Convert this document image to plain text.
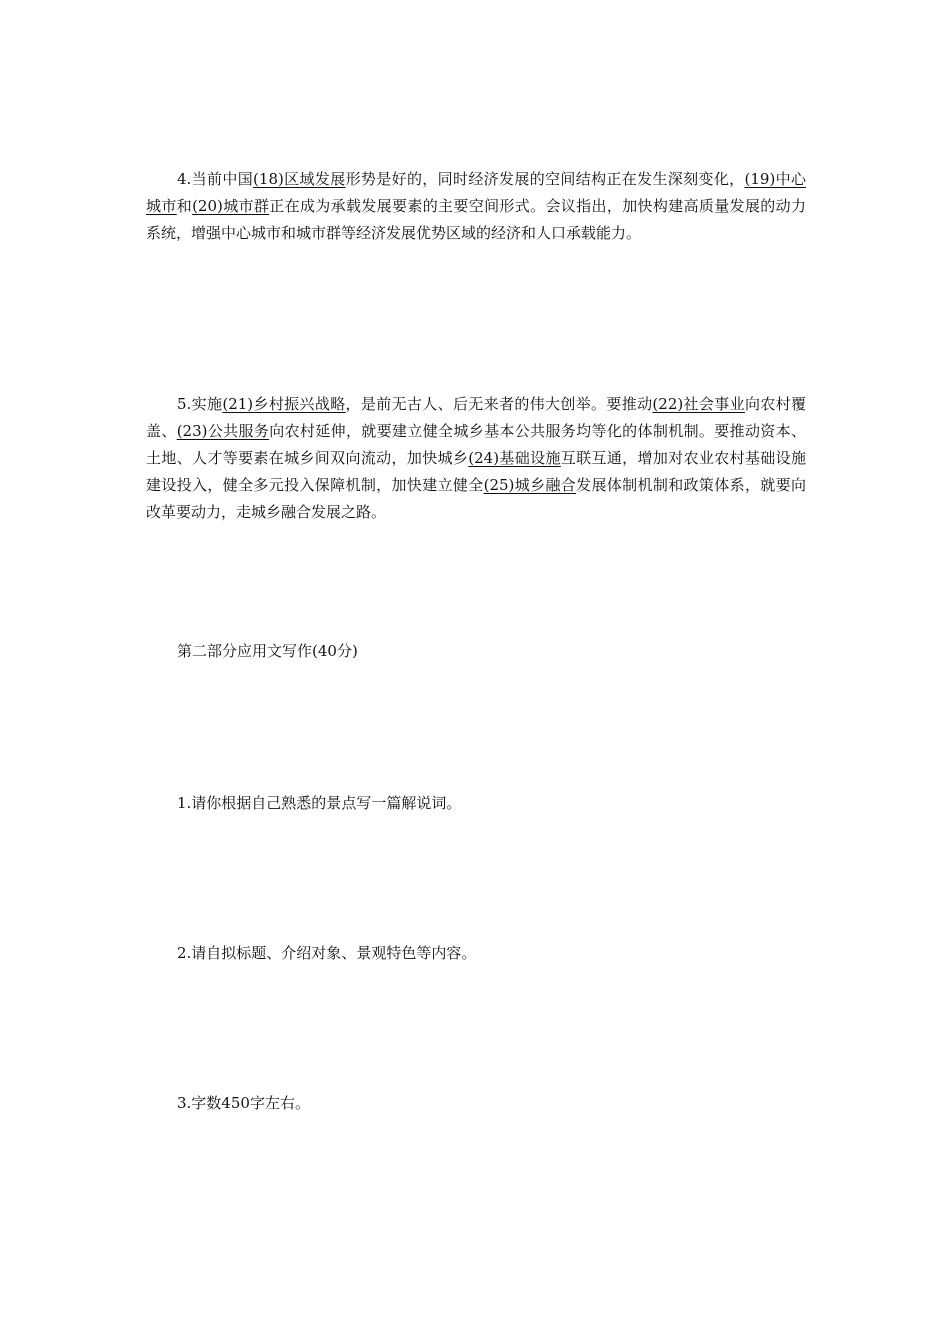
4.当前中国(18)区域发展形势是好的，同时经济发展的空间结构正在发生深刻变化，(19)中心城市和(20)城市群正在成为承载发展要素的主要空间形式。会议指出，加快构建高质量发展的动力系统，增强中心城市和城市群等经济发展优势区域的经济和人口承载能力。

5.实施(21)乡村振兴战略，是前无古人、后无来者的伟大创举。要推动(22)社会事业向农村覆盖、(23)公共服务向农村延伸，就要建立健全城乡基本公共服务均等化的体制机制。要推动资本、土地、人才等要素在城乡间双向流动，加快城乡(24)基础设施互联互通，增加对农业农村基础设施建设投入，健全多元投入保障机制，加快建立健全(25)城乡融合发展体制机制和政策体系，就要向改革要动力，走城乡融合发展之路。

第二部分应用文写作(40分)

1.请你根据自己熟悉的景点写一篇解说词。

2.请自拟标题、介绍对象、景观特色等内容。

3.字数450字左右。
